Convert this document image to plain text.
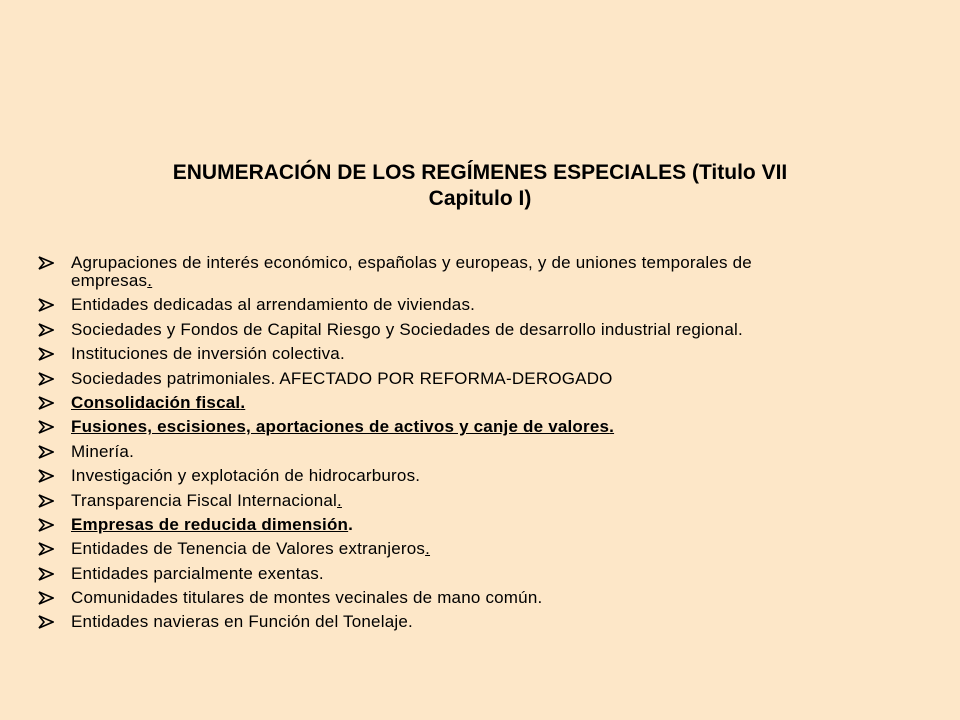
ENUMERACIÓN DE LOS REGÍMENES ESPECIALES (Titulo VII
Capitulo I)
Agrupaciones de interés económico, españolas y europeas, y de uniones temporales de empresas.
Entidades dedicadas al arrendamiento de viviendas.
Sociedades y Fondos de Capital Riesgo y Sociedades de desarrollo industrial regional.
Instituciones de inversión colectiva.
Sociedades patrimoniales. AFECTADO POR REFORMA-DEROGADO
Consolidación fiscal.
Fusiones, escisiones, aportaciones de activos y canje de valores.
Minería.
Investigación y explotación de hidrocarburos.
Transparencia Fiscal Internacional.
Empresas de reducida dimensión.
Entidades de Tenencia de Valores extranjeros.
Entidades parcialmente exentas.
Comunidades titulares de montes vecinales de mano común.
Entidades navieras en Función del Tonelaje.
